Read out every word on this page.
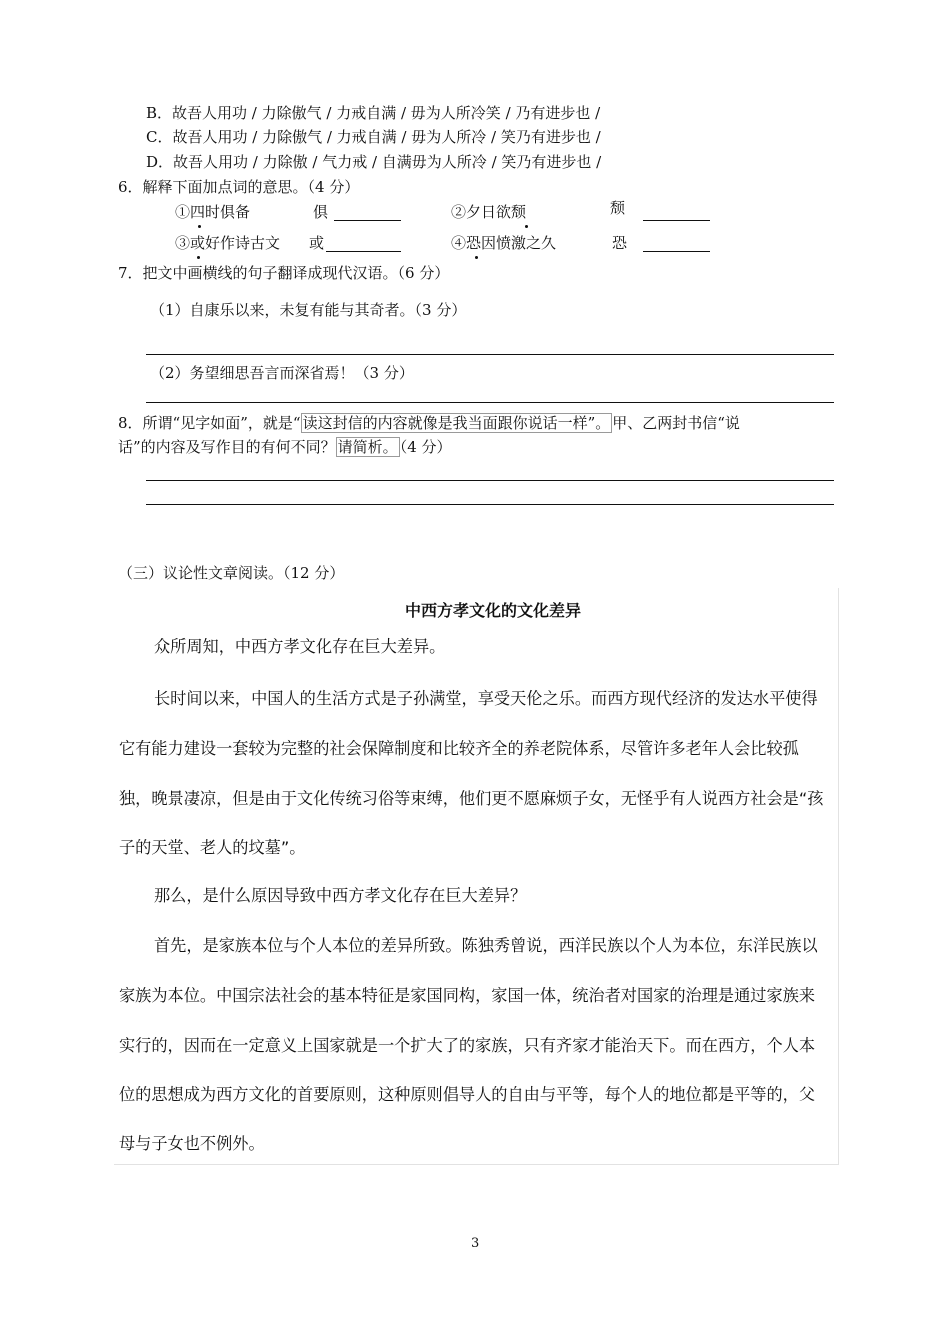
B．故吾人用功 / 力除傲气 / 力戒自满 / 毋为人所冷笑 / 乃有进步也 /
C．故吾人用功 / 力除傲气 / 力戒自满 / 毋为人所冷 / 笑乃有进步也 /
D．故吾人用功 / 力除傲 / 气力戒 / 自满毋为人所冷 / 笑乃有进步也 /
6．解释下面加点词的意思。（4 分）
①四时俱备	俱	②夕日欲颓	颓
③或好作诗古文 或	④恐因愤激之久	恐
7．把文中画横线的句子翻译成现代汉语。（6 分）
（1）自康乐以来，未复有能与其奇者。（3 分）
（2）务望细思吾言而深省焉！（3 分）
8．所谓“见字如面”，就是“ 读这封信的内容就像是我当面跟你说话一样”。 甲、乙两封书信“说
话”的内容及写作目的有何不同？ 请简析。 （4 分）
（三）议论性文章阅读。（12 分）
中西方孝文化的文化差异
众所周知，中西方孝文化存在巨大差异。
长时间以来，中国人的生活方式是子孙满堂，享受天伦之乐。而西方现代经济的发达水平使得
它有能力建设一套较为完整的社会保障制度和比较齐全的养老院体系，尽管许多老年人会比较孤
独，晚景凄凉，但是由于文化传统习俗等束缚，他们更不愿麻烦子女，无怪乎有人说西方社会是“孩
子的天堂、老人的坟墓”。
那么，是什么原因导致中西方孝文化存在巨大差异？
首先，是家族本位与个人本位的差异所致。陈独秀曾说，西洋民族以个人为本位，东洋民族以
家族为本位。中国宗法社会的基本特征是家国同构，家国一体，统治者对国家的治理是通过家族来
实行的，因而在一定意义上国家就是一个扩大了的家族，只有齐家才能治天下。而在西方，个人本
位的思想成为西方文化的首要原则，这种原则倡导人的自由与平等，每个人的地位都是平等的，父
母与子女也不例外。
3
